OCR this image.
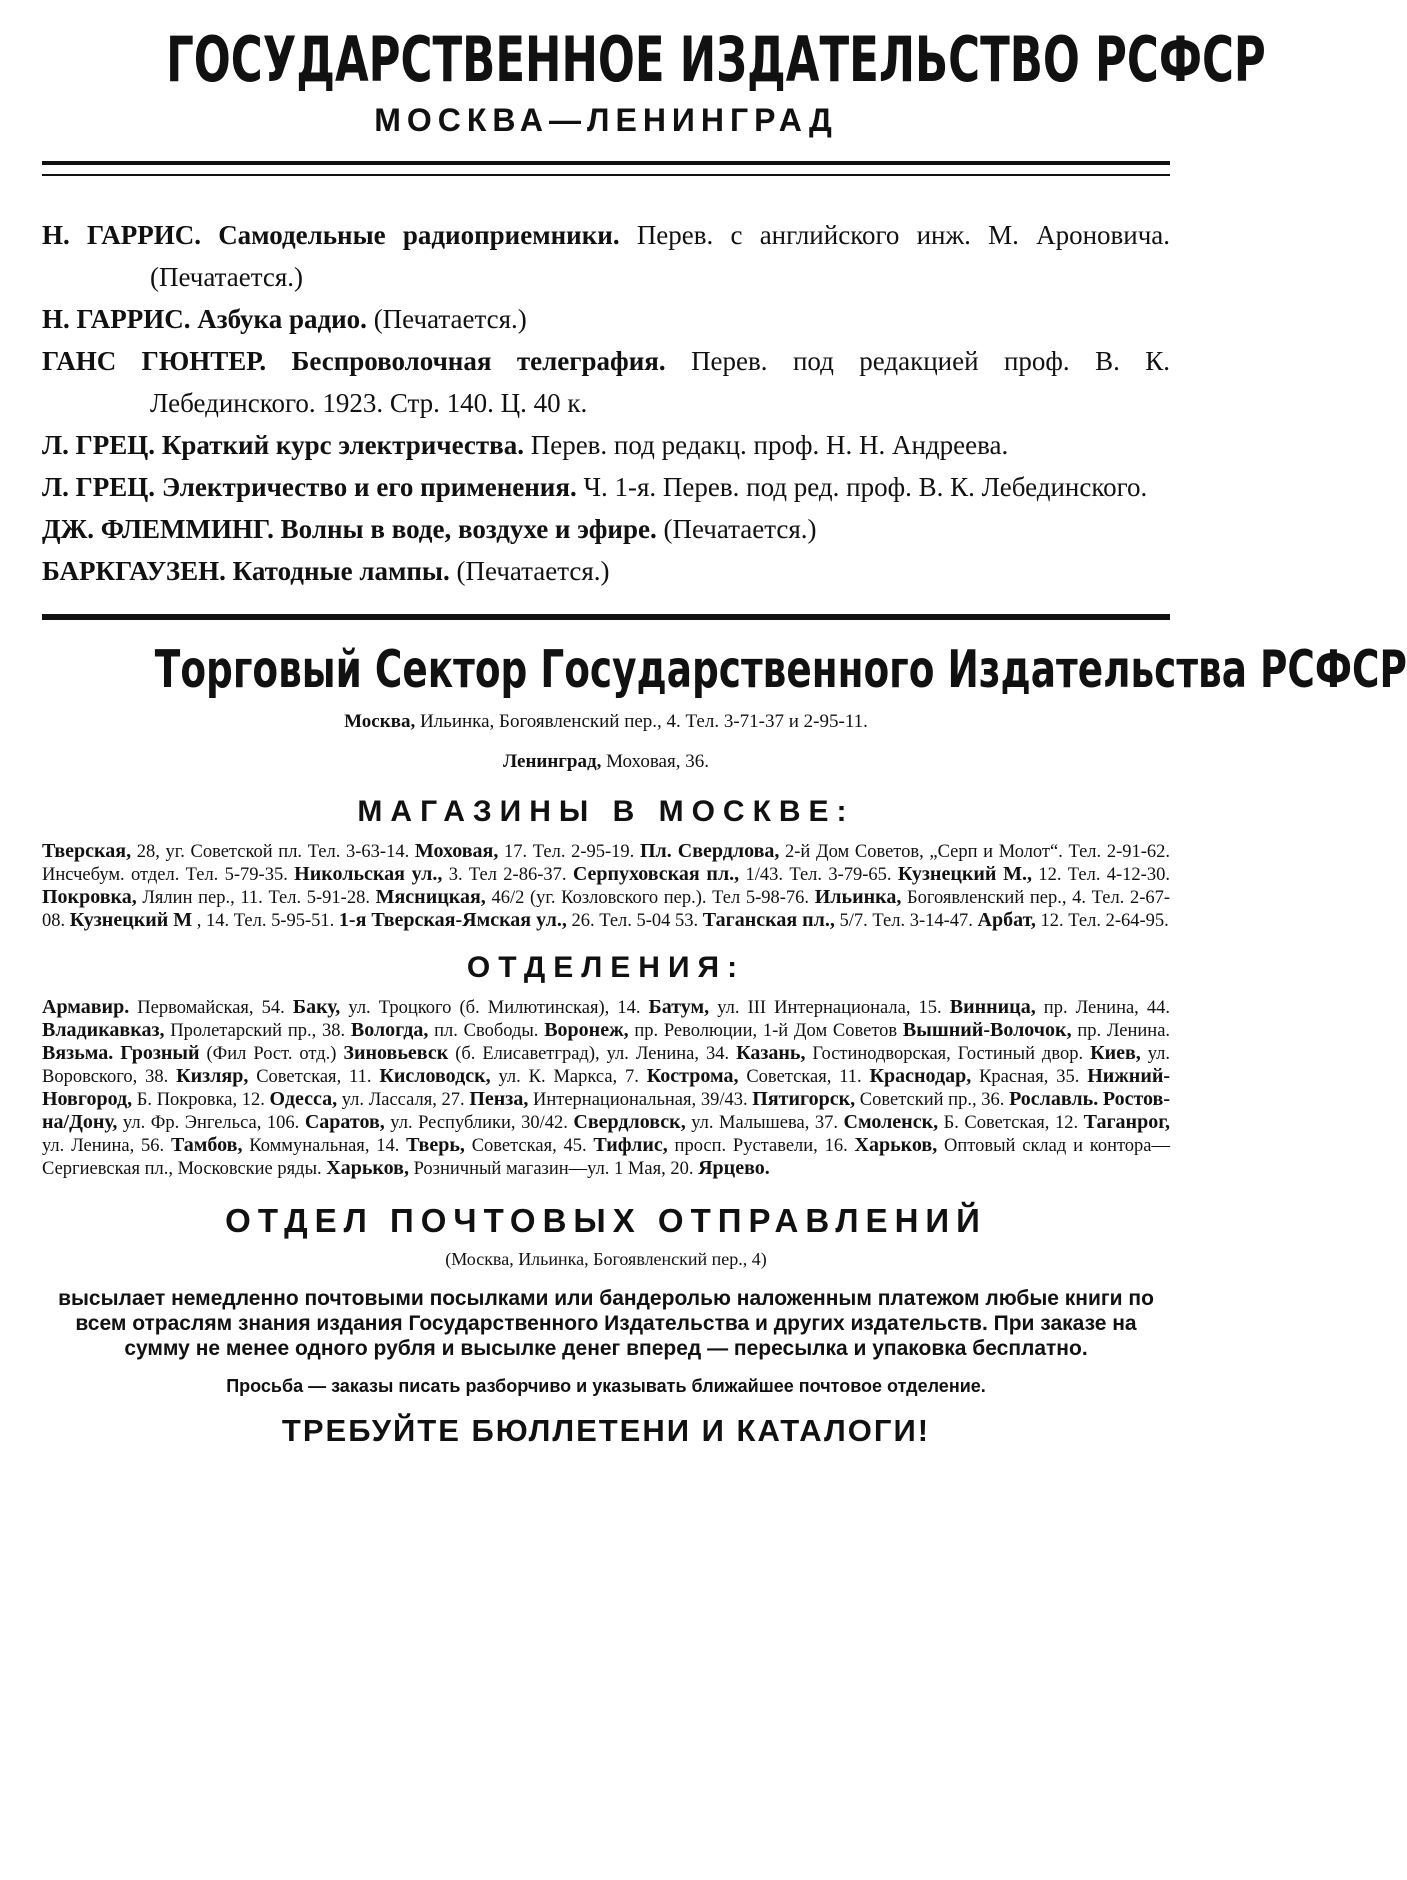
ГОСУДАРСТВЕННОЕ ИЗДАТЕЛЬСТВО РСФСР
МОСКВА—ЛЕНИНГРАД

Н. ГАРРИС. Самодельные радиоприемники. Перев. с английского инж. М. Ароновича. (Печатается.)

Н. ГАРРИС. Азбука радио. (Печатается.)

ГАНС ГЮНТЕР. Беспроволочная телеграфия. Перев. под редакцией проф. В. К. Лебединского. 1923. Стр. 140. Ц. 40 к.

Л. ГРЕЦ. Краткий курс электричества. Перев. под редакц. проф. Н. Н. Андреева.

Л. ГРЕЦ. Электричество и его применения. Ч. 1-я. Перев. под ред. проф. В. К. Лебединского.

ДЖ. ФЛЕММИНГ. Волны в воде, воздухе и эфире. (Печатается.)

БАРКГАУЗЕН. Катодные лампы. (Печатается.)

Торговый Сектор Государственного Издательства РСФСР
Москва, Ильинка, Богоявленский пер., 4. Тел. 3-71-37 и 2-95-11.
Ленинград, Моховая, 36.
МАГАЗИНЫ В МОСКВЕ:
Тверская, 28, уг. Советской пл. Тел. 3-63-14. Моховая, 17. Тел. 2-95-19. Пл. Свердлова, 2-й Дом Советов, „Серп и Молот“. Тел. 2-91-62. Инсчебум. отдел. Тел. 5-79-35. Никольская ул., 3. Тел 2-86-37. Серпуховская пл., 1/43. Тел. 3-79-65. Кузнецкий М., 12. Тел. 4-12-30. Покровка, Лялин пер., 11. Тел. 5-91-28. Мясницкая, 46/2 (уг. Козловского пер.). Тел 5-98-76. Ильинка, Богоявленский пер., 4. Тел. 2-67-08. Кузнецкий М , 14. Тел. 5-95-51. 1-я Тверская-Ямская ул., 26. Тел. 5-04 53. Таганская пл., 5/7. Тел. 3-14-47. Арбат, 12. Тел. 2-64-95.
ОТДЕЛЕНИЯ:
Армавир. Первомайская, 54. Баку, ул. Троцкого (б. Милютинская), 14. Батум, ул. III Интернационала, 15. Винница, пр. Ленина, 44. Владикавказ, Пролетарский пр., 38. Вологда, пл. Свободы. Воронеж, пр. Революции, 1-й Дом Советов Вышний-Волочок, пр. Ленина. Вязьма. Грозный (Фил Рост. отд.) Зиновьевск (б. Елисаветград), ул. Ленина, 34. Казань, Гостинодворская, Гостиный двор. Киев, ул. Воровского, 38. Кизляр, Советская, 11. Кисловодск, ул. К. Маркса, 7. Кострома, Советская, 11. Краснодар, Красная, 35. Нижний-Новгород, Б. Покровка, 12. Одесса, ул. Лассаля, 27. Пенза, Интернациональная, 39/43. Пятигорск, Советский пр., 36. Рославль. Ростов-на/Дону, ул. Фр. Энгельса, 106. Саратов, ул. Республики, 30/42. Свердловск, ул. Малышева, 37. Смоленск, Б. Советская, 12. Таганрог, ул. Ленина, 56. Тамбов, Коммунальная, 14. Тверь, Советская, 45. Тифлис, просп. Руставели, 16. Харьков, Оптовый склад и контора—Сергиевская пл., Московские ряды. Харьков, Розничный магазин—ул. 1 Мая, 20. Ярцево.
ОТДЕЛ ПОЧТОВЫХ ОТПРАВЛЕНИЙ
(Москва, Ильинка, Богоявленский пер., 4)
высылает немедленно почтовыми посылками или бандеролью наложенным платежом любые книги по всем отраслям знания издания Государственного Издательства и других издательств. При заказе на сумму не менее одного рубля и высылке денег вперед — пересылка и упаковка бесплатно.
Просьба — заказы писать разборчиво и указывать ближайшее почтовое отделение.
ТРЕБУЙТЕ БЮЛЛЕТЕНИ И КАТАЛОГИ!
